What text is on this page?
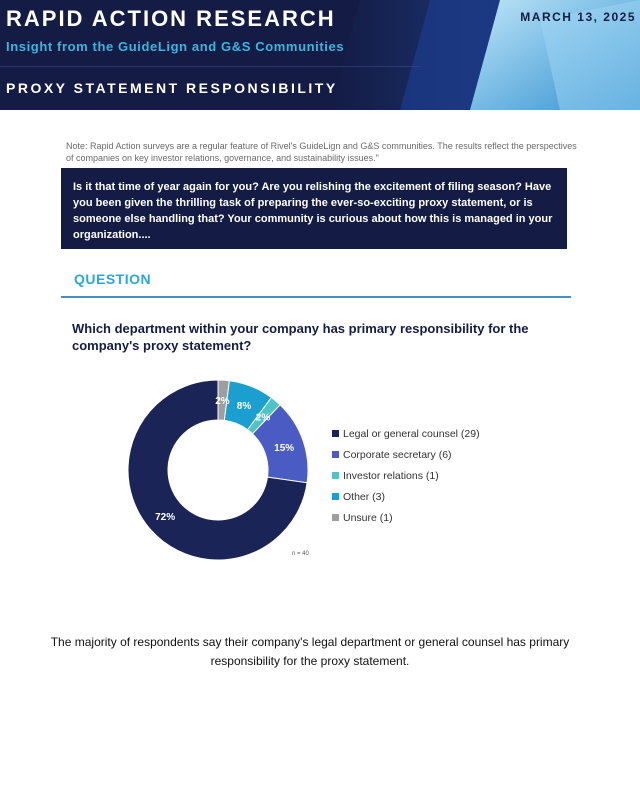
RAPID ACTION RESEARCH
Insight from the GuideLign and G&S Communities
PROXY STATEMENT RESPONSIBILITY
MARCH 13, 2025
Note: Rapid Action surveys are a regular feature of Rivel's GuideLign and G&S communities. The results reflect the perspectives of companies on key investor relations, governance, and sustainability issues."
Is it that time of year again for you? Are you relishing the excitement of filing season? Have you been given the thrilling task of preparing the ever-so-exciting proxy statement, or is someone else handling that? Your community is curious about how this is managed in your organization....
QUESTION
Which department within your company has primary responsibility for the company's proxy statement?
2% 8%
2%
15%
72%
Legal or general counsel (29)
Corporate secretary (6)
Investor relations (1)
Other (3)
Unsure (1)
n = 40
The majority of respondents say their company's legal department or general counsel has primary responsibility for the proxy statement.
